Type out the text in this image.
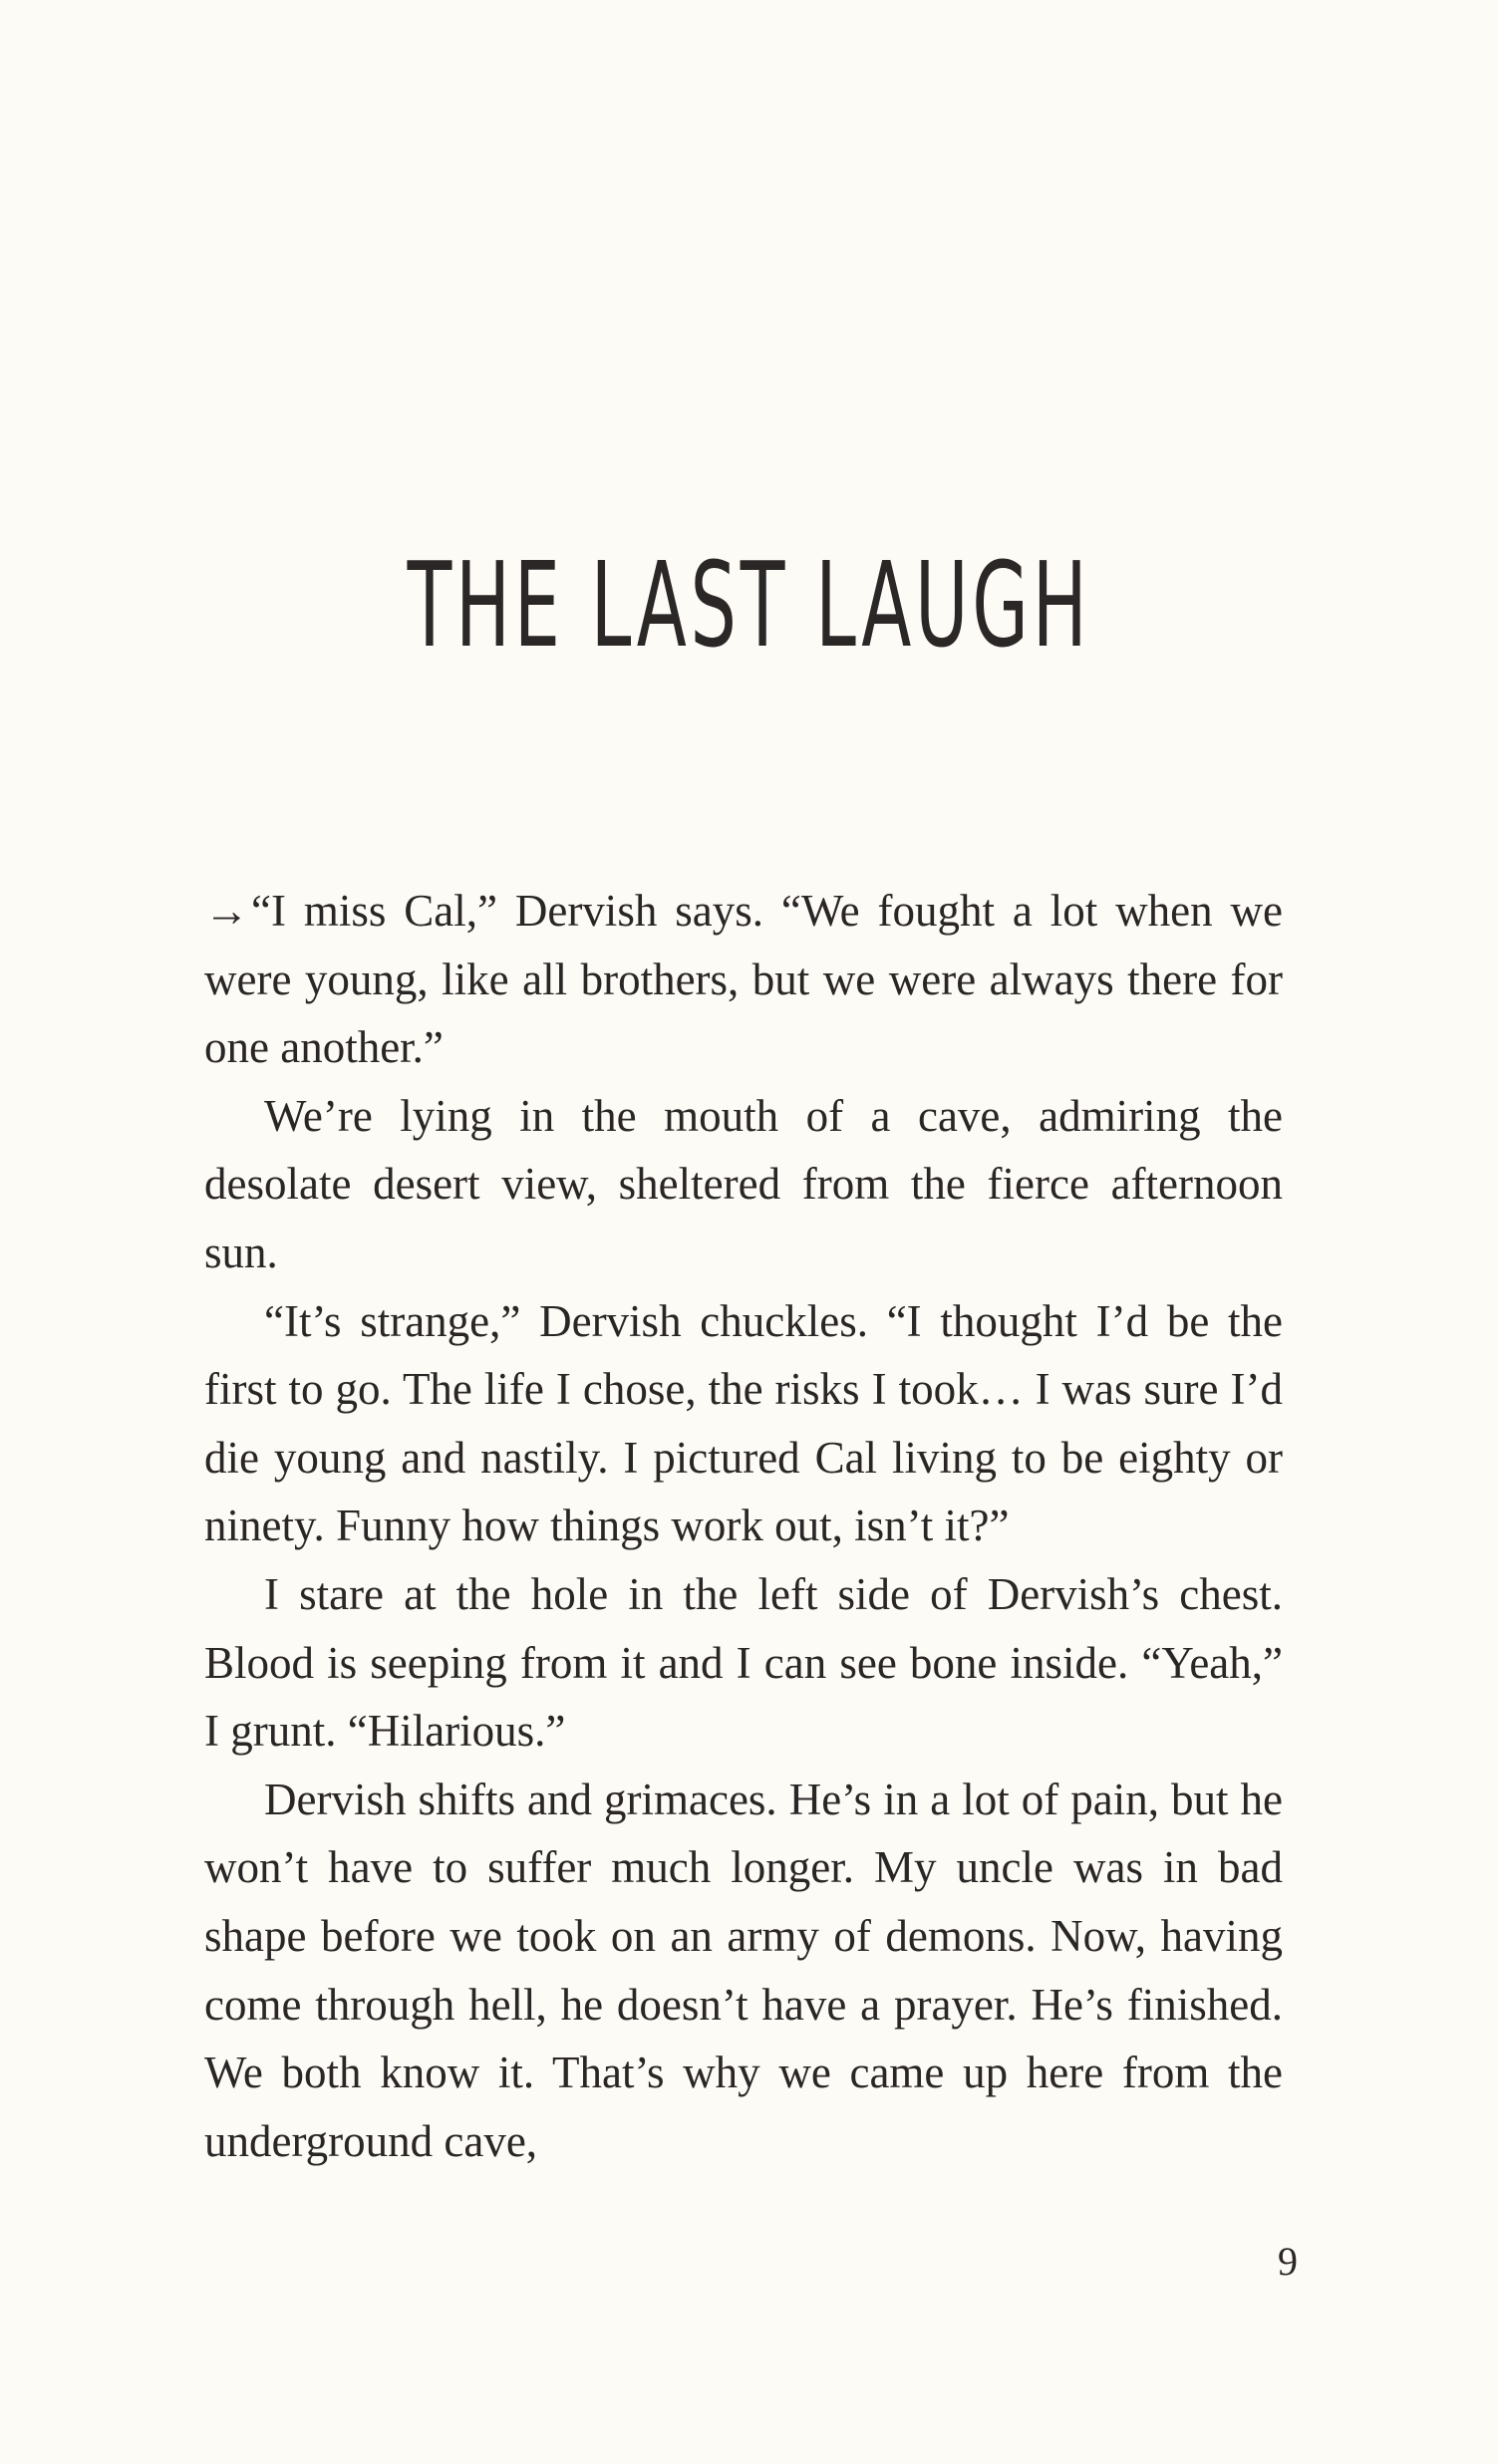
THE LAST LAUGH

→“I miss Cal,” Dervish says. “We fought a lot when we were young, like all brothers, but we were always there for one another.”

We’re lying in the mouth of a cave, admiring the desolate desert view, sheltered from the fierce afternoon sun.

“It’s strange,” Dervish chuckles. “I thought I’d be the first to go. The life I chose, the risks I took… I was sure I’d die young and nastily. I pictured Cal living to be eighty or ninety. Funny how things work out, isn’t it?”

I stare at the hole in the left side of Dervish’s chest. Blood is seeping from it and I can see bone inside. “Yeah,” I grunt. “Hilarious.”

Dervish shifts and grimaces. He’s in a lot of pain, but he won’t have to suffer much longer. My uncle was in bad shape before we took on an army of demons. Now, having come through hell, he doesn’t have a prayer. He’s finished. We both know it. That’s why we came up here from the underground cave,

9
